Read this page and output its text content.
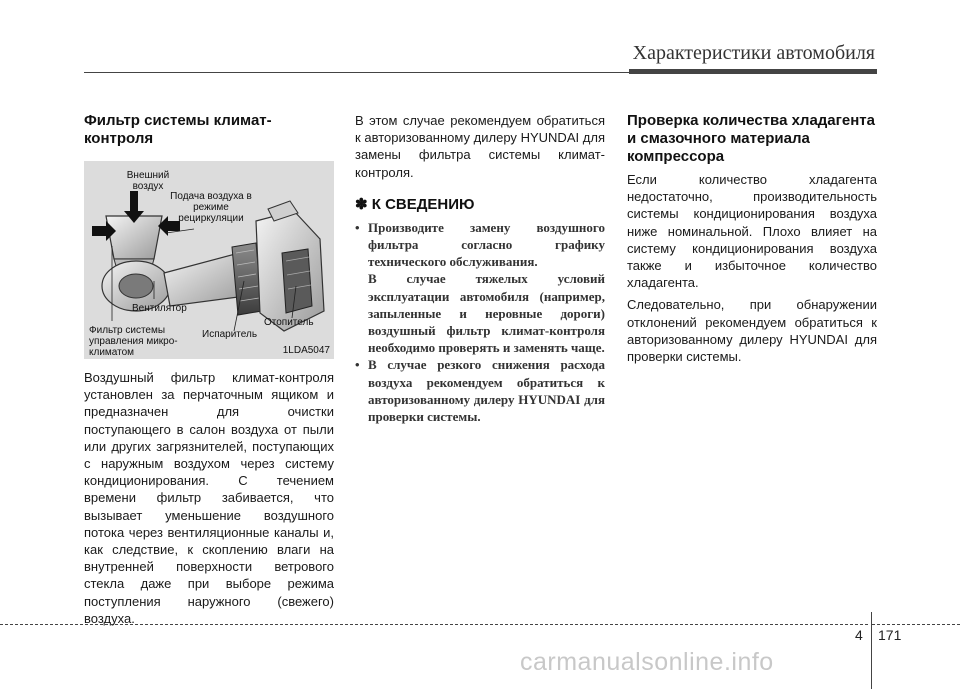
Характеристики автомобиля
Фильтр системы климат-контроля
Внешний воздух
Подача воздуха в режиме рециркуляции
Вентилятор
Фильтр системы управления микро-климатом
Испаритель
Отопитель
1LDA5047

Воздушный фильтр климат-контроля установлен за перчаточным ящиком и предназначен для очистки поступающего в салон воздуха от пыли или других загрязнителей, поступающих с наружным воздухом через систему кондиционирования. С течением времени фильтр забивается, что вызывает уменьшение воздушного потока через вентиляционные каналы и, как следствие, к скоплению влаги на внутренней поверхности ветрового стекла даже при выборе режима поступления наружного (свежего) воздуха.

В этом случае рекомендуем обратиться к авторизованному дилеру HYUNDAI для замены фильтра системы климат-контроля.

✽ К СВЕДЕНИЮ
• Производите замену воздушного фильтра согласно графику технического обслуживания.
В случае тяжелых условий эксплуатации автомобиля (например, запыленные и неровные дороги) воздушный фильтр климат-контроля необходимо проверять и заменять чаще.
• В случае резкого снижения расхода воздуха рекомендуем обратиться к авторизованному дилеру HYUNDAI для проверки системы.
Проверка количества хладагента и смазочного материала компрессора

Если количество хладагента недостаточно, производительность системы кондиционирования воздуха ниже номинальной. Плохо влияет на систему кондиционирования воздуха также и избыточное количество хладагента.

Следовательно, при обнаружении отклонений рекомендуем обратиться к авторизованному дилеру HYUNDAI для проверки системы.

4 171
carmanualsonline.info
